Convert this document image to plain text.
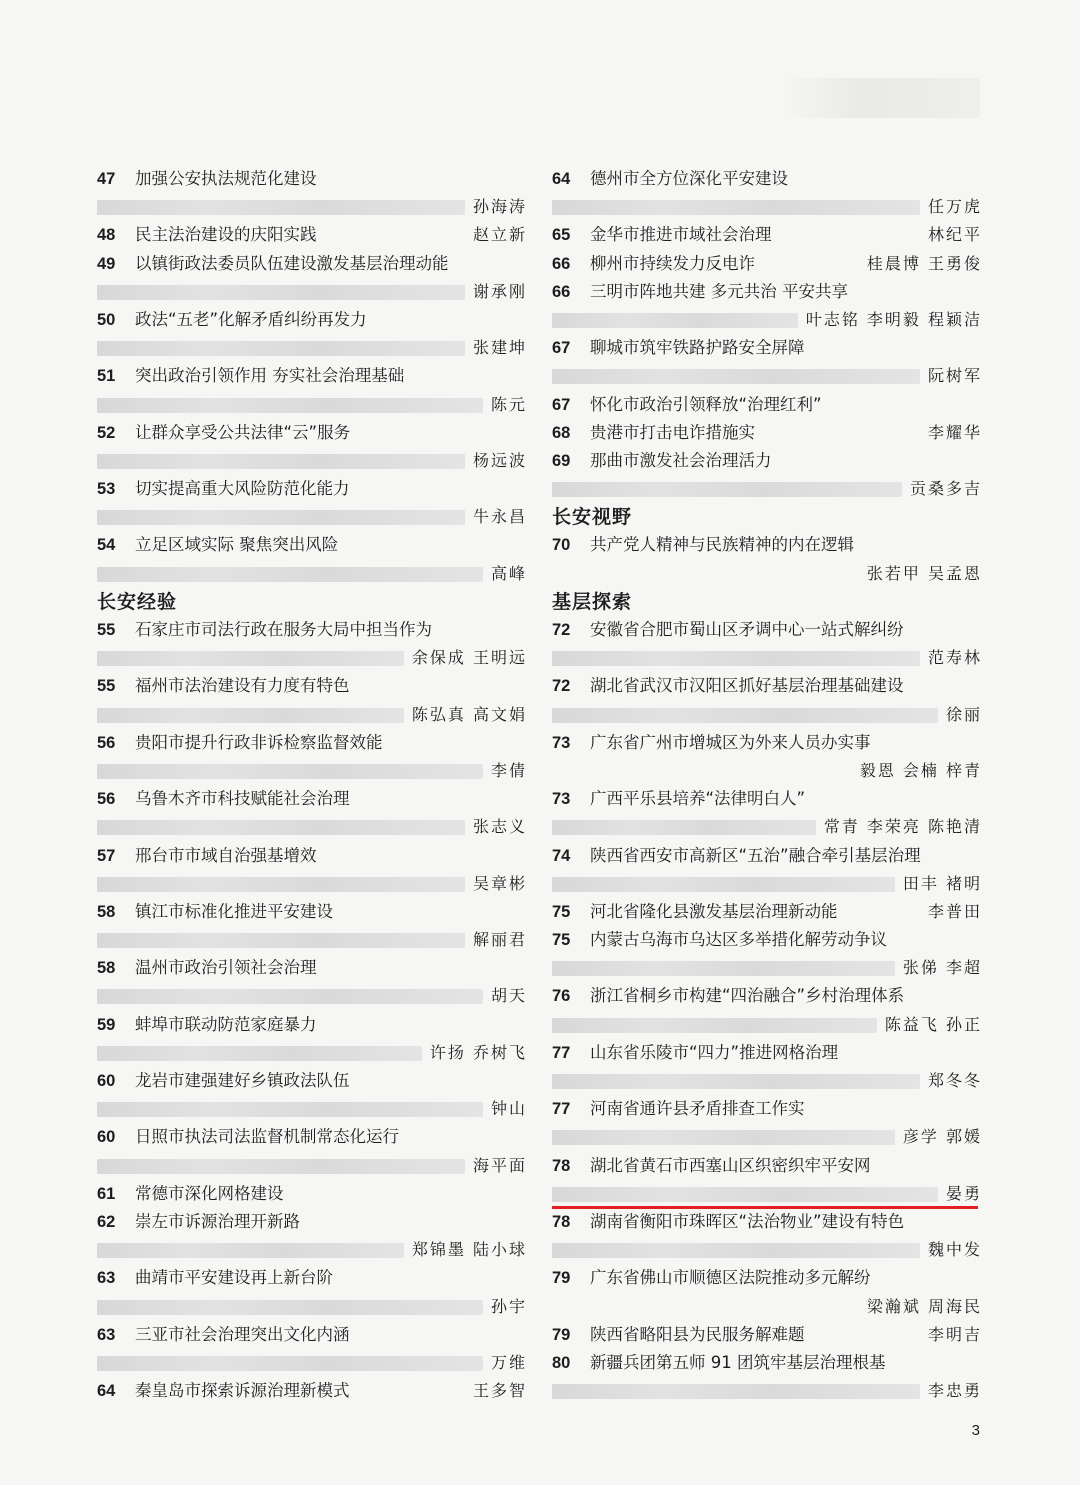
47 加强公安执法规范化建设
孙海涛
48 民主法治建设的庆阳实践	赵立新
49 以镇街政法委员队伍建设激发基层治理动能
谢承刚
50 政法“五老”化解矛盾纠纷再发力
张建坤
51 突出政治引领作用 夯实社会治理基础
陈元
52 让群众享受公共法律“云”服务
杨远波
53 切实提高重大风险防范化能力
牛永昌
54 立足区域实际 聚焦突出风险
高峰
长安经验
55 石家庄市司法行政在服务大局中担当作为
余保成 王明远
55 福州市法治建设有力度有特色
陈弘真 高文娟
56 贵阳市提升行政非诉检察监督效能
李倩
56 乌鲁木齐市科技赋能社会治理
张志义
57 邢台市市域自治强基增效
吴章彬
58 镇江市标准化推进平安建设
解丽君
58 温州市政治引领社会治理
胡天
59 蚌埠市联动防范家庭暴力
许扬 乔树飞
60 龙岩市建强建好乡镇政法队伍
钟山
60 日照市执法司法监督机制常态化运行
海平面
61 常德市深化网格建设
62 崇左市诉源治理开新路
郑锦墨 陆小球
63 曲靖市平安建设再上新台阶
孙宇
63 三亚市社会治理突出文化内涵
万维
64 秦皇岛市探索诉源治理新模式	王多智
64 德州市全方位深化平安建设
任万虎
65 金华市推进市域社会治理	林纪平
66 柳州市持续发力反电诈	桂晨博 王勇俊
66 三明市阵地共建 多元共治 平安共享
叶志铭 李明毅 程颖洁
67 聊城市筑牢铁路护路安全屏障
阮树军
67 怀化市政治引领释放“治理红利”
68 贵港市打击电诈措施实	李耀华
69 那曲市激发社会治理活力
贡桑多吉
长安视野
70 共产党人精神与民族精神的内在逻辑
张若甲 吴孟恩
基层探索
72 安徽省合肥市蜀山区矛调中心一站式解纠纷
范寿林
72 湖北省武汉市汉阳区抓好基层治理基础建设
徐丽
73 广东省广州市增城区为外来人员办实事
毅恩 会楠 梓青
73 广西平乐县培养“法律明白人”
常青 李荣亮 陈艳清
74 陕西省西安市高新区“五治”融合牵引基层治理
田丰 褚明
75 河北省隆化县激发基层治理新动能	李普田
75 内蒙古乌海市乌达区多举措化解劳动争议
张俤 李超
76 浙江省桐乡市构建“四治融合”乡村治理体系
陈益飞 孙正
77 山东省乐陵市“四力”推进网格治理
郑冬冬
77 河南省通许县矛盾排查工作实
彦学 郭媛
78 湖北省黄石市西塞山区织密织牢平安网
晏勇
78 湖南省衡阳市珠晖区“法治物业”建设有特色
魏中发
79 广东省佛山市顺德区法院推动多元解纷
梁瀚斌 周海民
79 陕西省略阳县为民服务解难题	李明吉
80 新疆兵团第五师 91 团筑牢基层治理根基
李忠勇
3
